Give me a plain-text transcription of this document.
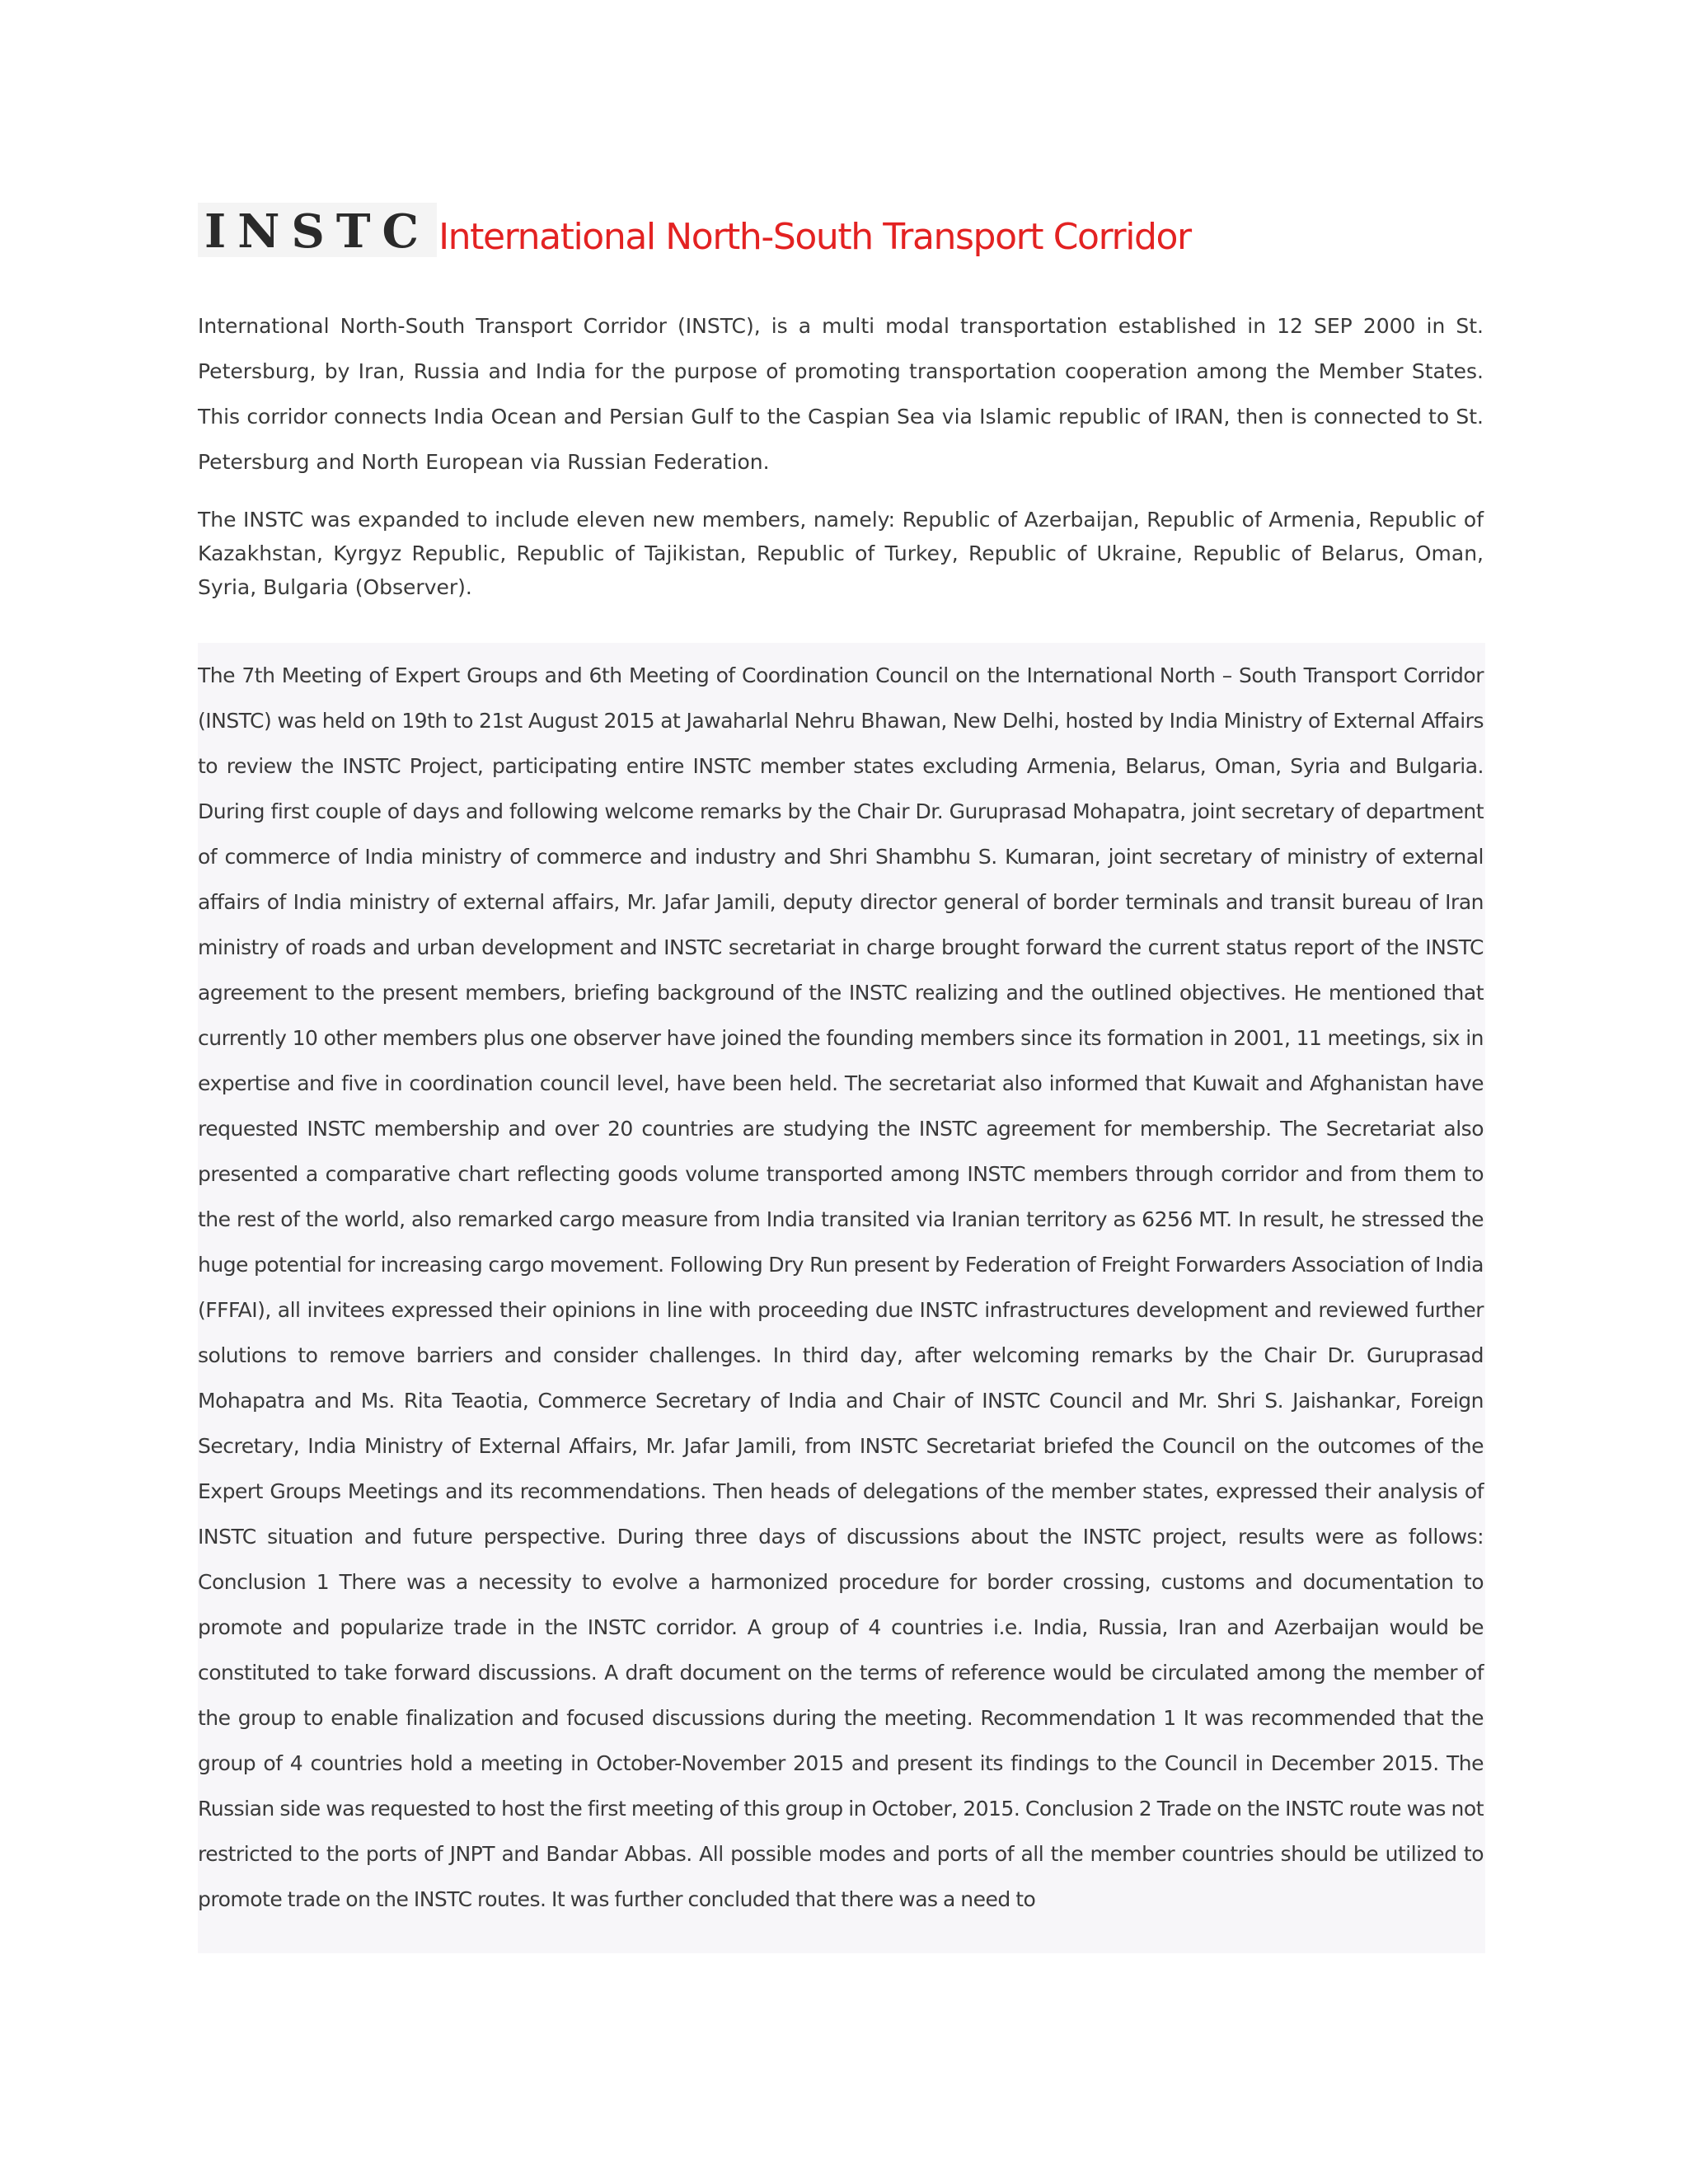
INSTC International North-South Transport Corridor

International North-South Transport Corridor (INSTC), is a multi modal transportation established in 12 SEP 2000 in St. Petersburg, by Iran, Russia and India for the purpose of promoting transportation cooperation among the Member States. This corridor connects India Ocean and Persian Gulf to the Caspian Sea via Islamic republic of IRAN, then is connected to St. Petersburg and North European via Russian Federation.

The INSTC was expanded to include eleven new members, namely: Republic of Azerbaijan, Republic of Armenia, Republic of Kazakhstan, Kyrgyz Republic, Republic of Tajikistan, Republic of Turkey, Republic of Ukraine, Republic of Belarus, Oman, Syria, Bulgaria (Observer).

The 7th Meeting of Expert Groups and 6th Meeting of Coordination Council on the International North – South Transport Corridor (INSTC) was held on 19th to 21st August 2015 at Jawaharlal Nehru Bhawan, New Delhi, hosted by India Ministry of External Affairs to review the INSTC Project, participating entire INSTC member states excluding Armenia, Belarus, Oman, Syria and Bulgaria. During first couple of days and following welcome remarks by the Chair Dr. Guruprasad Mohapatra, joint secretary of department of commerce of India ministry of commerce and industry and Shri Shambhu S. Kumaran, joint secretary of ministry of external affairs of India ministry of external affairs, Mr. Jafar Jamili, deputy director general of border terminals and transit bureau of Iran ministry of roads and urban development and INSTC secretariat in charge brought forward the current status report of the INSTC agreement to the present members, briefing background of the INSTC realizing and the outlined objectives. He mentioned that currently 10 other members plus one observer have joined the founding members since its formation in 2001, 11 meetings, six in expertise and five in coordination council level, have been held. The secretariat also informed that Kuwait and Afghanistan have requested INSTC membership and over 20 countries are studying the INSTC agreement for membership. The Secretariat also presented a comparative chart reflecting goods volume transported among INSTC members through corridor and from them to the rest of the world, also remarked cargo measure from India transited via Iranian territory as 6256 MT. In result, he stressed the huge potential for increasing cargo movement. Following Dry Run present by Federation of Freight Forwarders Association of India (FFFAI), all invitees expressed their opinions in line with proceeding due INSTC infrastructures development and reviewed further solutions to remove barriers and consider challenges. In third day, after welcoming remarks by the Chair Dr. Guruprasad Mohapatra and Ms. Rita Teaotia, Commerce Secretary of India and Chair of INSTC Council and Mr. Shri S. Jaishankar, Foreign Secretary, India Ministry of External Affairs, Mr. Jafar Jamili, from INSTC Secretariat briefed the Council on the outcomes of the Expert Groups Meetings and its recommendations. Then heads of delegations of the member states, expressed their analysis of INSTC situation and future perspective. During three days of discussions about the INSTC project, results were as follows: Conclusion 1 There was a necessity to evolve a harmonized procedure for border crossing, customs and documentation to promote and popularize trade in the INSTC corridor. A group of 4 countries i.e. India, Russia, Iran and Azerbaijan would be constituted to take forward discussions. A draft document on the terms of reference would be circulated among the member of the group to enable finalization and focused discussions during the meeting. Recommendation 1 It was recommended that the group of 4 countries hold a meeting in October-November 2015 and present its findings to the Council in December 2015. The Russian side was requested to host the first meeting of this group in October, 2015. Conclusion 2 Trade on the INSTC route was not restricted to the ports of JNPT and Bandar Abbas. All possible modes and ports of all the member countries should be utilized to promote trade on the INSTC routes. It was further concluded that there was a need to
